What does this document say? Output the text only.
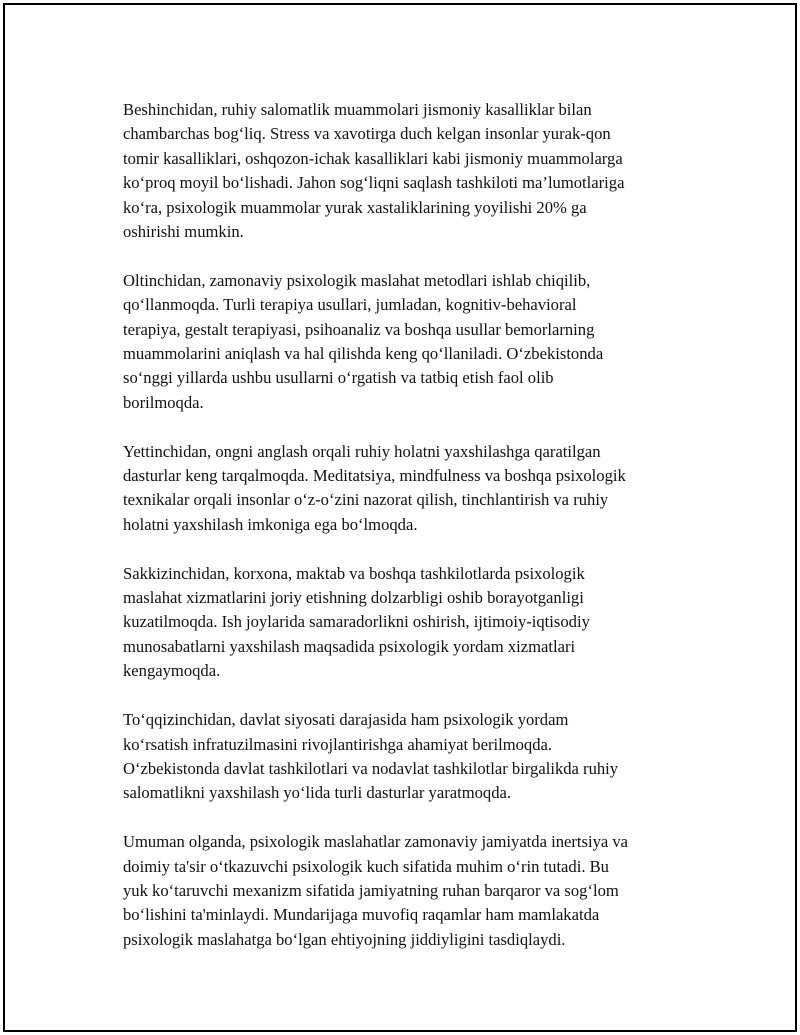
Beshinchidan, ruhiy salomatlik muammolari jismoniy kasalliklar bilan
chambarchas bog‘liq. Stress va xavotirga duch kelgan insonlar yurak-qon
tomir kasalliklari, oshqozon-ichak kasalliklari kabi jismoniy muammolarga
ko‘proq moyil bo‘lishadi. Jahon sog‘liqni saqlash tashkiloti ma’lumotlariga
ko‘ra, psixologik muammolar yurak xastaliklarining yoyilishi 20% ga
oshirishi mumkin.

Oltinchidan, zamonaviy psixologik maslahat metodlari ishlab chiqilib,
qo‘llanmoqda. Turli terapiya usullari, jumladan, kognitiv-behavioral
terapiya, gestalt terapiyasi, psihoanaliz va boshqa usullar bemorlarning
muammolarini aniqlash va hal qilishda keng qo‘llaniladi. O‘zbekistonda
so‘nggi yillarda ushbu usullarni o‘rgatish va tatbiq etish faol olib
borilmoqda.

Yettinchidan, ongni anglash orqali ruhiy holatni yaxshilashga qaratilgan
dasturlar keng tarqalmoqda. Meditatsiya, mindfulness va boshqa psixologik
texnikalar orqali insonlar o‘z-o‘zini nazorat qilish, tinchlantirish va ruhiy
holatni yaxshilash imkoniga ega bo‘lmoqda.

Sakkizinchidan, korxona, maktab va boshqa tashkilotlarda psixologik
maslahat xizmatlarini joriy etishning dolzarbligi oshib borayotganligi
kuzatilmoqda. Ish joylarida samaradorlikni oshirish, ijtimoiy-iqtisodiy
munosabatlarni yaxshilash maqsadida psixologik yordam xizmatlari
kengaymoqda.

To‘qqizinchidan, davlat siyosati darajasida ham psixologik yordam
ko‘rsatish infratuzilmasini rivojlantirishga ahamiyat berilmoqda.
O‘zbekistonda davlat tashkilotlari va nodavlat tashkilotlar birgalikda ruhiy
salomatlikni yaxshilash yo‘lida turli dasturlar yaratmoqda.

Umuman olganda, psixologik maslahatlar zamonaviy jamiyatda inertsiya va
doimiy ta'sir o‘tkazuvchi psixologik kuch sifatida muhim o‘rin tutadi. Bu
yuk ko‘taruvchi mexanizm sifatida jamiyatning ruhan barqaror va sog‘lom
bo‘lishini ta'minlaydi. Mundarijaga muvofiq raqamlar ham mamlakatda
psixologik maslahatga bo‘lgan ehtiyojning jiddiyligini tasdiqlaydi.
